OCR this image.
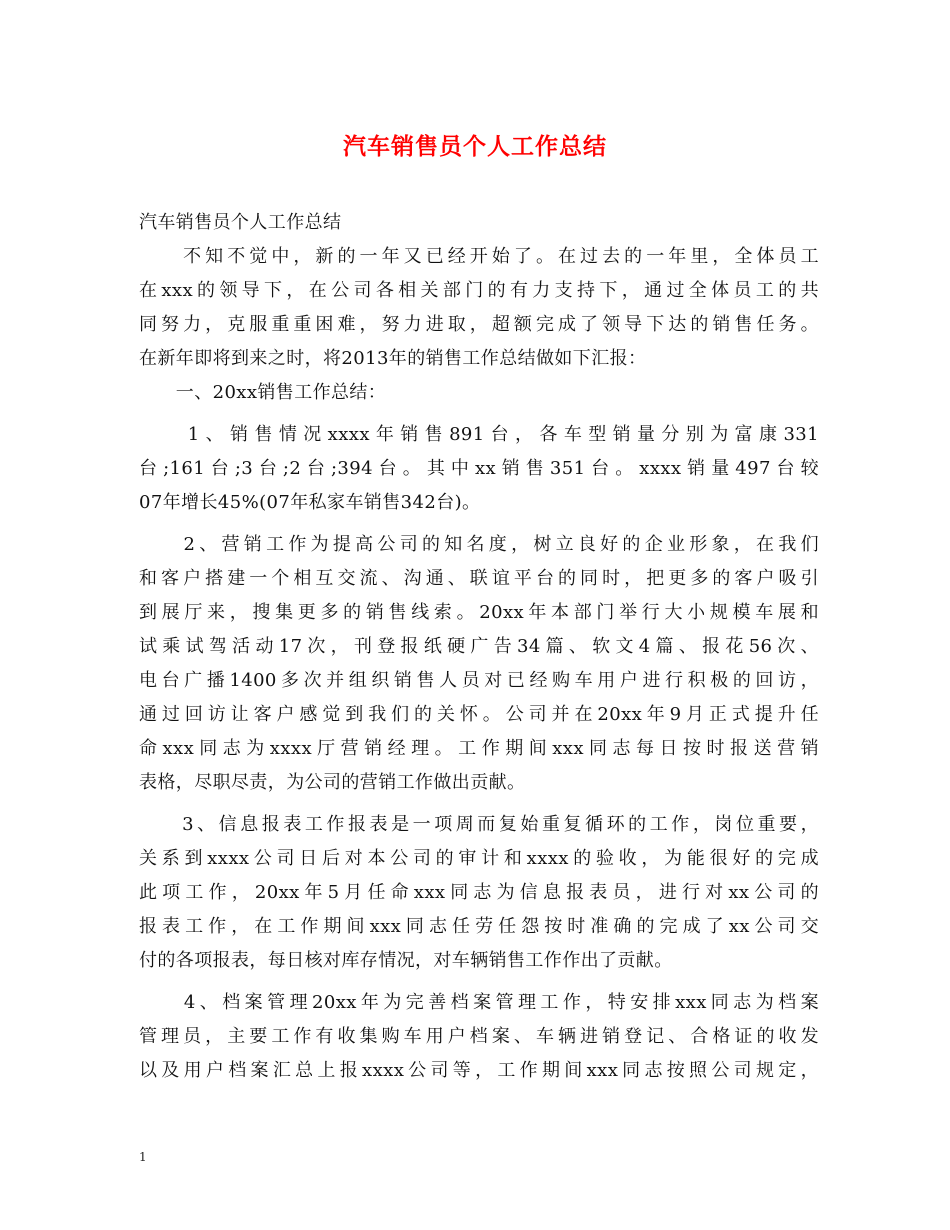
汽车销售员个人工作总结
汽车销售员个人工作总结
　　不知不觉中，新的一年又已经开始了。在过去的一年里，全体员工
在xxx的领导下，在公司各相关部门的有力支持下，通过全体员工的共
同努力，克服重重困难，努力进取，超额完成了领导下达的销售任务。
在新年即将到来之时，将2013年的销售工作总结做如下汇报：
　　一、20xx销售工作总结：
　　1、销售情况xxxx年销售891台，各车型销量分别为富康331
台;161台;3台;2台;394台。其中xx销售351台。xxxx销量497台较
07年增长45%(07年私家车销售342台)。
　　2、营销工作为提高公司的知名度，树立良好的企业形象，在我们
和客户搭建一个相互交流、沟通、联谊平台的同时，把更多的客户吸引
到展厅来，搜集更多的销售线索。20xx年本部门举行大小规模车展和
试乘试驾活动17次，刊登报纸硬广告34篇、软文4篇、报花56次、
电台广播1400多次并组织销售人员对已经购车用户进行积极的回访，
通过回访让客户感觉到我们的关怀。公司并在20xx年9月正式提升任
命xxx同志为xxxx厅营销经理。工作期间xxx同志每日按时报送营销
表格，尽职尽责，为公司的营销工作做出贡献。
　　3、信息报表工作报表是一项周而复始重复循环的工作，岗位重要，
关系到xxxx公司日后对本公司的审计和xxxx的验收，为能很好的完成
此项工作，20xx年5月任命xxx同志为信息报表员，进行对xx公司的
报表工作，在工作期间xxx同志任劳任怨按时准确的完成了xx公司交
付的各项报表，每日核对库存情况，对车辆销售工作作出了贡献。
　　4、档案管理20xx年为完善档案管理工作，特安排xxx同志为档案
管理员，主要工作有收集购车用户档案、车辆进销登记、合格证的收发
以及用户档案汇总上报xxxx公司等，工作期间xxx同志按照公司规定，
1
